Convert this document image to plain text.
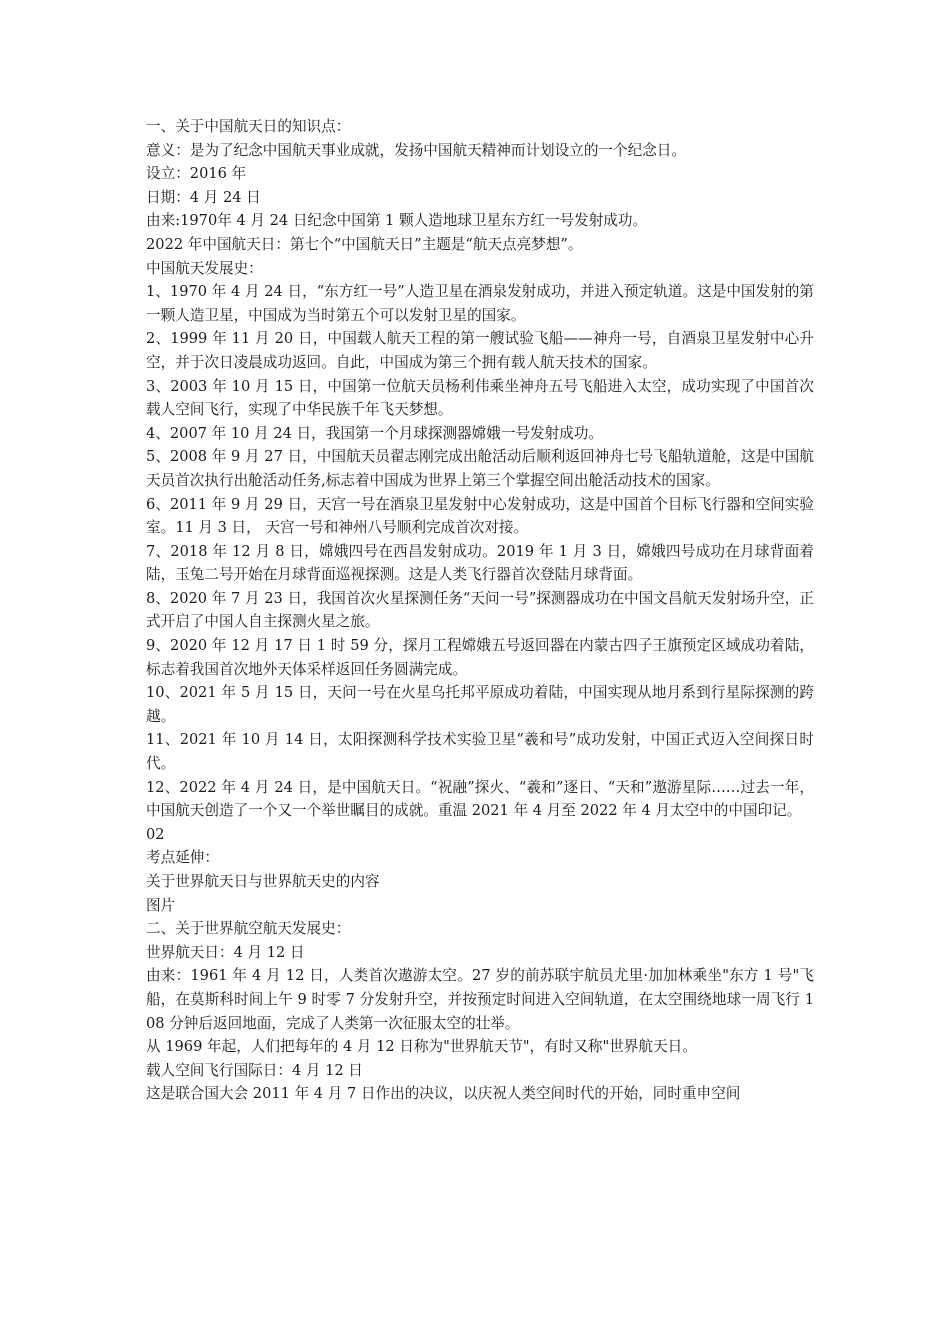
一、关于中国航天日的知识点：

意义：是为了纪念中国航天事业成就，发扬中国航天精神而计划设立的一个纪念日。

设立：2016 年

日期：4 月 24 日

由来:1970年 4 月 24 日纪念中国第 1 颗人造地球卫星东方红一号发射成功。

2022 年中国航天日：第七个“中国航天日”主题是“航天点亮梦想”。

中国航天发展史：

1、1970 年 4 月 24 日，“东方红一号”人造卫星在酒泉发射成功，并进入预定轨道。这是中国发射的第一颗人造卫星，中国成为当时第五个可以发射卫星的国家。

2、1999 年 11 月 20 日，中国载人航天工程的第一艘试验飞船——神舟一号，自酒泉卫星发射中心升空，并于次日凌晨成功返回。自此，中国成为第三个拥有载人航天技术的国家。

3、2003 年 10 月 15 日，中国第一位航天员杨利伟乘坐神舟五号飞船进入太空，成功实现了中国首次载人空间飞行，实现了中华民族千年飞天梦想。

4、2007 年 10 月 24 日，我国第一个月球探测器嫦娥一号发射成功。

5、2008 年 9 月 27 日，中国航天员翟志刚完成出舱活动后顺利返回神舟七号飞船轨道舱，这是中国航天员首次执行出舱活动任务,标志着中国成为世界上第三个掌握空间出舱活动技术的国家。

6、2011 年 9 月 29 日，天宫一号在酒泉卫星发射中心发射成功，这是中国首个目标飞行器和空间实验室。11 月 3 日， 天宫一号和神州八号顺利完成首次对接。

7、2018 年 12 月 8 日，嫦娥四号在西昌发射成功。2019 年 1 月 3 日，嫦娥四号成功在月球背面着陆，玉兔二号开始在月球背面巡视探测。这是人类飞行器首次登陆月球背面。

8、2020 年 7 月 23 日，我国首次火星探测任务“天问一号”探测器成功在中国文昌航天发射场升空，正式开启了中国人自主探测火星之旅。

9、2020 年 12 月 17 日 1 时 59 分，探月工程嫦娥五号返回器在内蒙古四子王旗预定区域成功着陆，标志着我国首次地外天体采样返回任务圆满完成。

10、2021 年 5 月 15 日，天问一号在火星乌托邦平原成功着陆，中国实现从地月系到行星际探测的跨越。

11、2021 年 10 月 14 日，太阳探测科学技术实验卫星“羲和号”成功发射，中国正式迈入空间探日时代。

12、2022 年 4 月 24 日，是中国航天日。“祝融”探火、“羲和”逐日、“天和”遨游星际……过去一年，中国航天创造了一个又一个举世瞩目的成就。重温 2021 年 4 月至 2022 年 4 月太空中的中国印记。

02

考点延伸：

关于世界航天日与世界航天史的内容

图片

二、关于世界航空航天发展史：

世界航天日：4 月 12 日

由来：1961 年 4 月 12 日，人类首次遨游太空。27 岁的前苏联宇航员尤里·加加林乘坐"东方 1 号"飞船，在莫斯科时间上午 9 时零 7 分发射升空，并按预定时间进入空间轨道，在太空围绕地球一周飞行 108 分钟后返回地面，完成了人类第一次征服太空的壮举。

从 1969 年起，人们把每年的 4 月 12 日称为"世界航天节"，有时又称"世界航天日。

载人空间飞行国际日：4 月 12 日

这是联合国大会 2011 年 4 月 7 日作出的决议，以庆祝人类空间时代的开始，同时重申空间
